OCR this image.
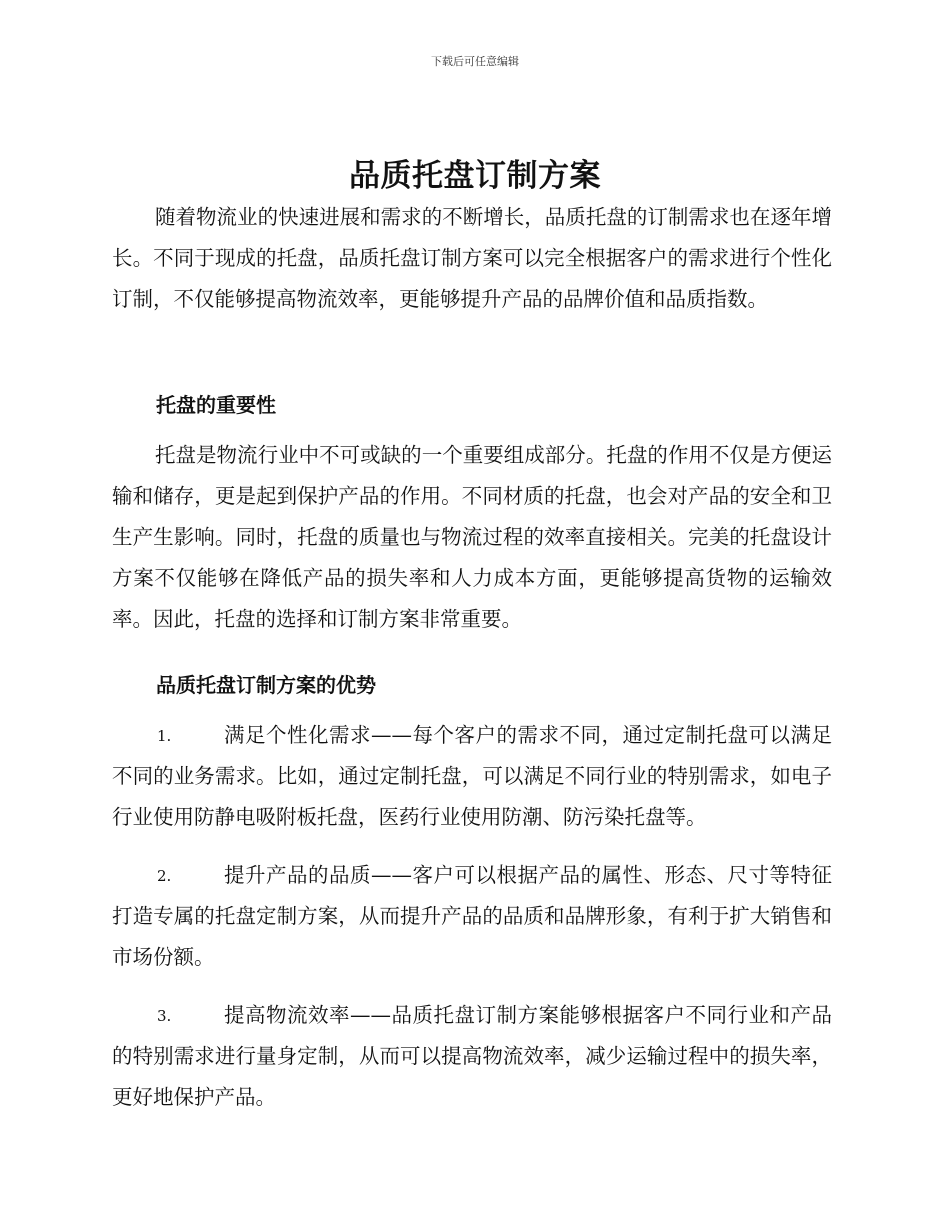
下载后可任意编辑
品质托盘订制方案

随着物流业的快速进展和需求的不断增长，品质托盘的订制需求也在逐年增长。不同于现成的托盘，品质托盘订制方案可以完全根据客户的需求进行个性化订制，不仅能够提高物流效率，更能够提升产品的品牌价值和品质指数。

托盘的重要性

托盘是物流行业中不可或缺的一个重要组成部分。托盘的作用不仅是方便运输和储存，更是起到保护产品的作用。不同材质的托盘，也会对产品的安全和卫生产生影响。同时，托盘的质量也与物流过程的效率直接相关。完美的托盘设计方案不仅能够在降低产品的损失率和人力成本方面，更能够提高货物的运输效率。因此，托盘的选择和订制方案非常重要。

品质托盘订制方案的优势
1.	满足个性化需求——每个客户的需求不同，通过定制托盘可以满足不同的业务需求。比如，通过定制托盘，可以满足不同行业的特别需求，如电子行业使用防静电吸附板托盘，医药行业使用防潮、防污染托盘等。

2.	提升产品的品质——客户可以根据产品的属性、形态、尺寸等特征打造专属的托盘定制方案，从而提升产品的品质和品牌形象，有利于扩大销售和市场份额。

3.	提高物流效率——品质托盘订制方案能够根据客户不同行业和产品的特别需求进行量身定制，从而可以提高物流效率，减少运输过程中的损失率，更好地保护产品。
